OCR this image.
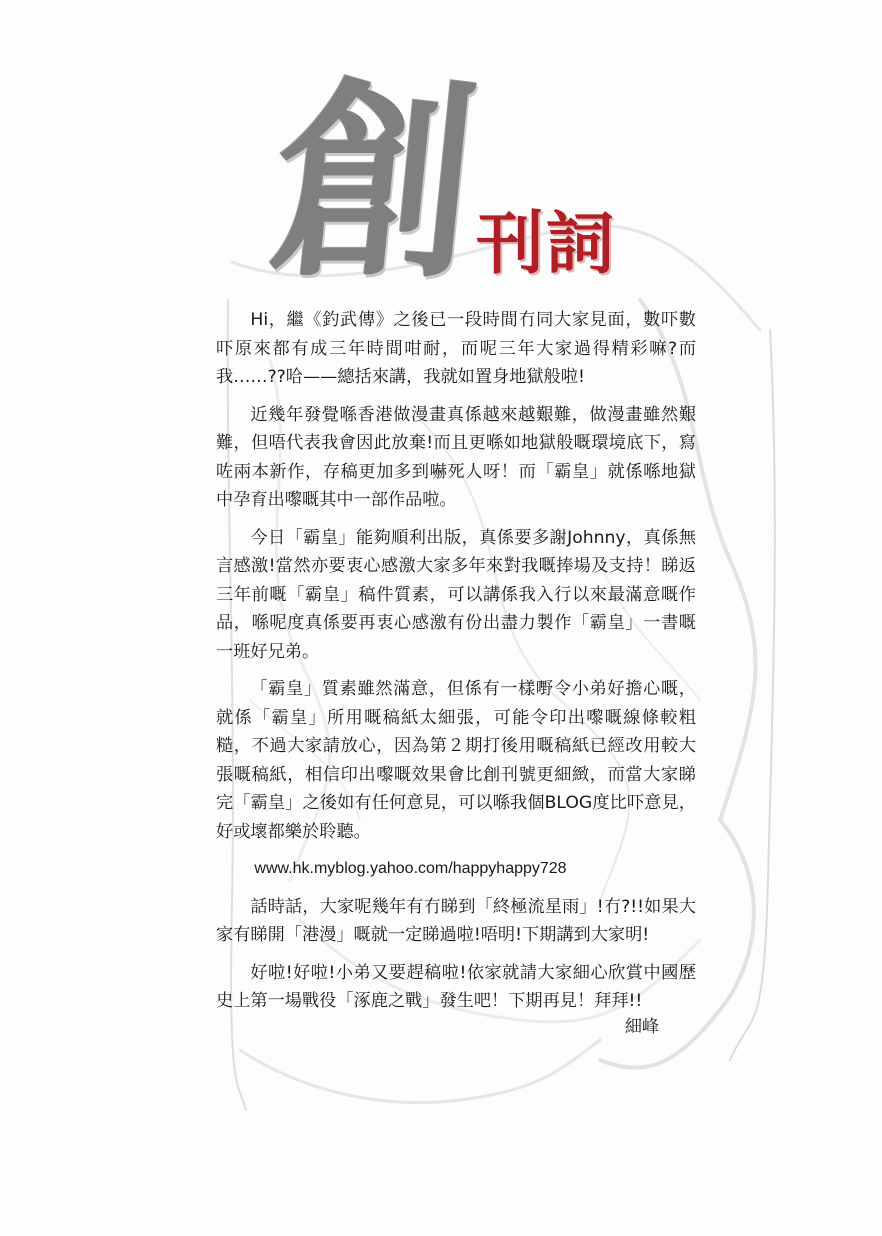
創
刊詞

Hi，繼《釣武傳》之後已一段時間冇同大家見面，數吓數吓原來都有成三年時間咁耐，而呢三年大家過得精彩嘛?而我……??哈——總括來講，我就如置身地獄般啦!

近幾年發覺喺香港做漫畫真係越來越艱難，做漫畫雖然艱難，但唔代表我會因此放棄!而且更喺如地獄般嘅環境底下，寫咗兩本新作，存稿更加多到嚇死人呀！而「霸皇」就係喺地獄中孕育出嚟嘅其中一部作品啦。

今日「霸皇」能夠順利出版，真係要多謝Johnny，真係無言感激!當然亦要衷心感激大家多年來對我嘅捧場及支持！睇返三年前嘅「霸皇」稿件質素，可以講係我入行以來最滿意嘅作品，喺呢度真係要再衷心感激有份出盡力製作「霸皇」一書嘅一班好兄弟。

「霸皇」質素雖然滿意，但係有一樣嘢令小弟好擔心嘅，就係「霸皇」所用嘅稿紙太細張，可能令印出嚟嘅線條較粗糙，不過大家請放心，因為第２期打後用嘅稿紙已經改用較大張嘅稿紙，相信印出嚟嘅效果會比創刊號更細緻，而當大家睇完「霸皇」之後如有任何意見，可以喺我個BLOG度比吓意見，好或壞都樂於聆聽。

www.hk.myblog.yahoo.com/happyhappy728

話時話，大家呢幾年有冇睇到「終極流星雨」!冇?!!如果大家有睇開「港漫」嘅就一定睇過啦!唔明!下期講到大家明!

好啦!好啦!小弟又要趕稿啦!依家就請大家細心欣賞中國歷史上第一場戰役「涿鹿之戰」發生吧！下期再見！拜拜!!

細峰
